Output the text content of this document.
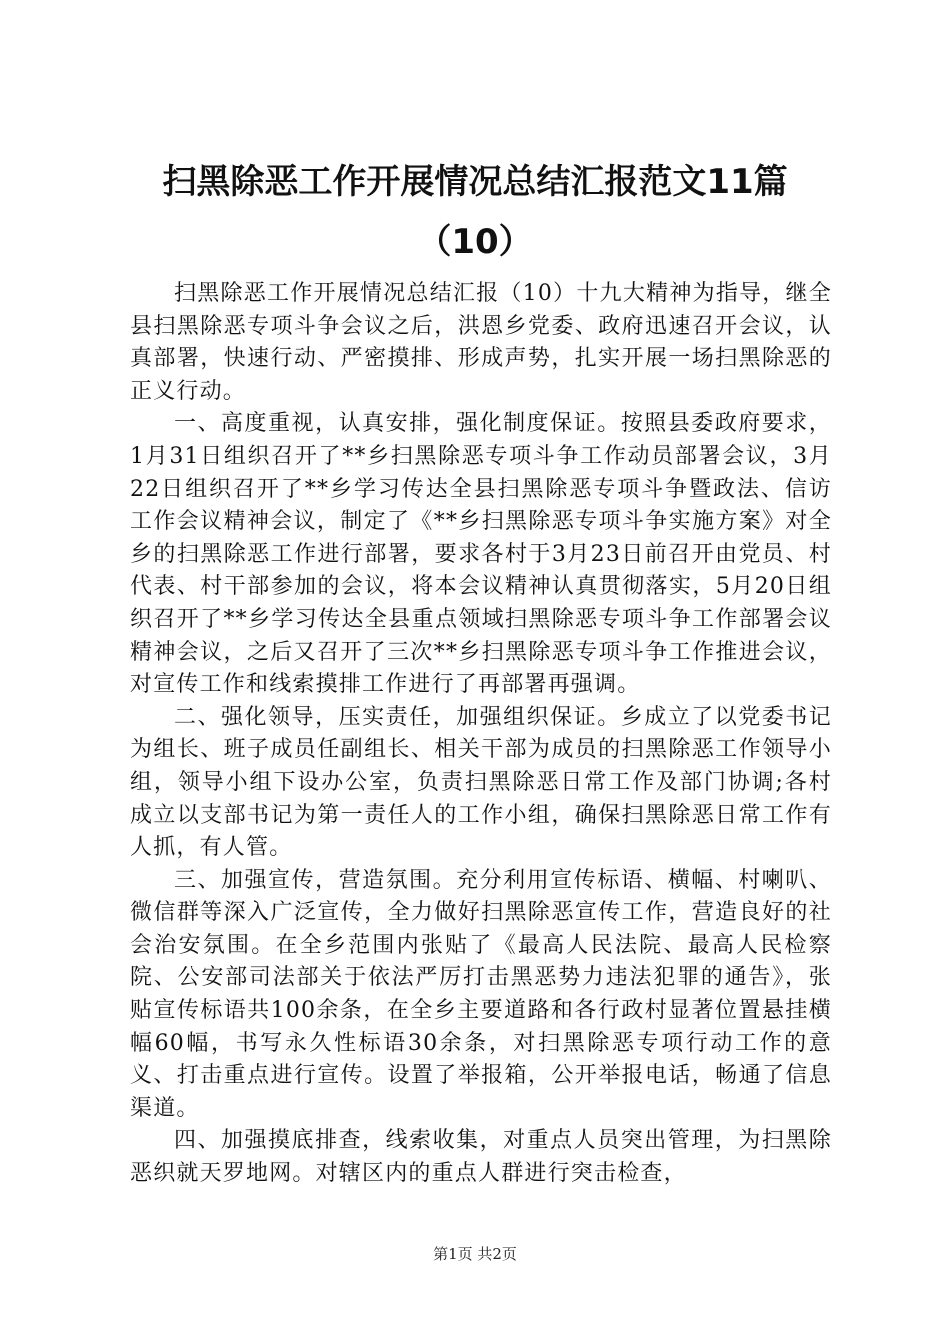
扫黑除恶工作开展情况总结汇报范文11篇
（10）

扫黑除恶工作开展情况总结汇报（10）十九大精神为指导，继全县扫黑除恶专项斗争会议之后，洪恩乡党委、政府迅速召开会议，认真部署，快速行动、严密摸排、形成声势，扎实开展一场扫黑除恶的正义行动。

一、高度重视，认真安排，强化制度保证。按照县委政府要求，1月31日组织召开了**乡扫黑除恶专项斗争工作动员部署会议，3月22日组织召开了**乡学习传达全县扫黑除恶专项斗争暨政法、信访工作会议精神会议，制定了《**乡扫黑除恶专项斗争实施方案》对全乡的扫黑除恶工作进行部署，要求各村于3月23日前召开由党员、村代表、村干部参加的会议，将本会议精神认真贯彻落实，5月20日组织召开了**乡学习传达全县重点领域扫黑除恶专项斗争工作部署会议精神会议，之后又召开了三次**乡扫黑除恶专项斗争工作推进会议，对宣传工作和线索摸排工作进行了再部署再强调。

二、强化领导，压实责任，加强组织保证。乡成立了以党委书记为组长、班子成员任副组长、相关干部为成员的扫黑除恶工作领导小组，领导小组下设办公室，负责扫黑除恶日常工作及部门协调;各村成立以支部书记为第一责任人的工作小组，确保扫黑除恶日常工作有人抓，有人管。

三、加强宣传，营造氛围。充分利用宣传标语、横幅、村喇叭、微信群等深入广泛宣传，全力做好扫黑除恶宣传工作，营造良好的社会治安氛围。在全乡范围内张贴了《最高人民法院、最高人民检察院、公安部司法部关于依法严厉打击黑恶势力违法犯罪的通告》，张贴宣传标语共100余条，在全乡主要道路和各行政村显著位置悬挂横幅60幅，书写永久性标语30余条，对扫黑除恶专项行动工作的意义、打击重点进行宣传。设置了举报箱，公开举报电话，畅通了信息渠道。

四、加强摸底排查，线索收集，对重点人员突出管理，为扫黑除恶织就天罗地网。对辖区内的重点人群进行突击检查，

第1页 共2页
